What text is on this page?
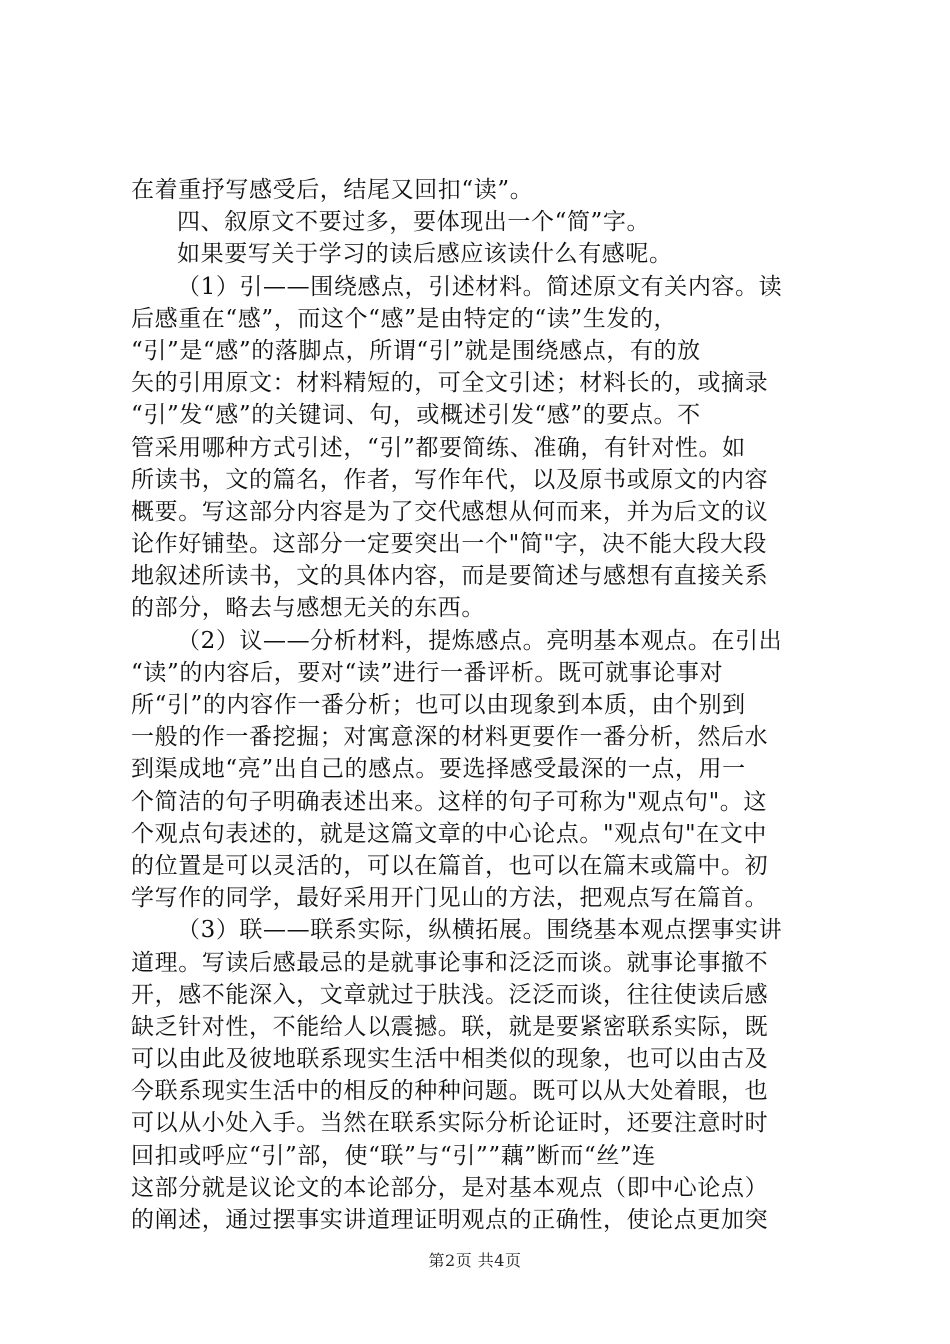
在着重抒写感受后，结尾又回扣“读”。
四、叙原文不要过多，要体现出一个“简”字。
如果要写关于学习的读后感应该读什么有感呢。
（1）引——围绕感点，引述材料。简述原文有关内容。读
后感重在“感”，而这个“感”是由特定的“读”生发的，
“引”是“感”的落脚点，所谓“引”就是围绕感点，有的放
矢的引用原文：材料精短的，可全文引述；材料长的，或摘录
“引”发“感”的关键词、句，或概述引发“感”的要点。不
管采用哪种方式引述，“引”都要简练、准确，有针对性。如
所读书，文的篇名，作者，写作年代，以及原书或原文的内容
概要。写这部分内容是为了交代感想从何而来，并为后文的议
论作好铺垫。这部分一定要突出一个"简"字，决不能大段大段
地叙述所读书，文的具体内容，而是要简述与感想有直接关系
的部分，略去与感想无关的东西。
（2）议——分析材料，提炼感点。亮明基本观点。在引出
“读”的内容后，要对“读”进行一番评析。既可就事论事对
所“引”的内容作一番分析；也可以由现象到本质，由个别到
一般的作一番挖掘；对寓意深的材料更要作一番分析，然后水
到渠成地“亮”出自己的感点。要选择感受最深的一点，用一
个简洁的句子明确表述出来。这样的句子可称为"观点句"。这
个观点句表述的，就是这篇文章的中心论点。"观点句"在文中
的位置是可以灵活的，可以在篇首，也可以在篇末或篇中。初
学写作的同学，最好采用开门见山的方法，把观点写在篇首。
（3）联——联系实际，纵横拓展。围绕基本观点摆事实讲
道理。写读后感最忌的是就事论事和泛泛而谈。就事论事撤不
开，感不能深入，文章就过于肤浅。泛泛而谈，往往使读后感
缺乏针对性，不能给人以震撼。联，就是要紧密联系实际，既
可以由此及彼地联系现实生活中相类似的现象，也可以由古及
今联系现实生活中的相反的种种问题。既可以从大处着眼，也
可以从小处入手。当然在联系实际分析论证时，还要注意时时
回扣或呼应“引”部，使“联”与“引””藕”断而“丝”连
这部分就是议论文的本论部分，是对基本观点（即中心论点）
的阐述，通过摆事实讲道理证明观点的正确性，使论点更加突
第2页 共4页
